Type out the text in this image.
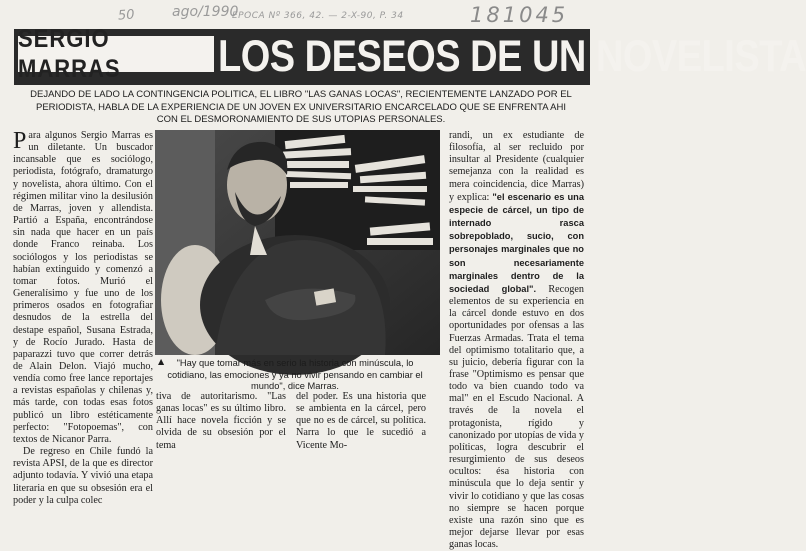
50	ago/1990
EPOCA Nº 366, 42. — 2-X-90, P. 34	181045
SERGIO MARRAS	LOS DESEOS DE UN NOVELISTA
DEJANDO DE LADO LA CONTINGENCIA POLITICA, EL LIBRO "LAS GANAS LOCAS", RECIENTEMENTE LANZADO POR EL PERIODISTA, HABLA DE LA EXPERIENCIA DE UN JOVEN EX UNIVERSITARIO ENCARCELADO QUE SE ENFRENTA AHI CON EL DESMORONAMIENTO DE SUS UTOPIAS PERSONALES.
Para algunos Sergio Marras es un diletante. Un buscador incansable que es sociólogo, periodista, fotógrafo, dramaturgo y novelista, ahora último. Con el régimen militar vino la desilusión de Marras, joven y allendista. Partió a España, encontrándose sin nada que hacer en un país donde Franco reinaba. Los sociólogos y los periodistas se habían extinguido y comenzó a tomar fotos. Murió el Generalísimo y fue uno de los primeros osados en fotografiar desnudos de la estrella del destape español, Susana Estrada, y de Rocío Jurado. Hasta de paparazzi tuvo que correr detrás de Alain Delon. Viajó mucho, vendía como free lance reportajes a revistas españolas y chilenas y, más tarde, con todas esas fotos publicó un libro estéticamente perfecto: "Fotopoemas", con textos de Nicanor Parra.
De regreso en Chile fundó la revista APSI, de la que es director adjunto todavía. Y vivió una etapa literaria en que su obsesión era el poder y la culpa colec
▲	"Hay que tomar más en serio la historia con minúscula, lo cotidiano, las emociones y ya no vivir pensando en cambiar el mundo", dice Marras.
tiva de autoritarismo. "Las ganas locas" es su último libro. Allí hace novela ficción y se olvida de su obsesión por el tema
del poder. Es una historia que se ambienta en la cárcel, pero que no es de cárcel, su política. Narra lo que le sucedió a Vicente Mo-
randi, un ex estudiante de filosofía, al ser recluido por insultar al Presidente (cualquier semejanza con la realidad es mera coincidencia, dice Marras) y explica: "el escenario es una especie de cárcel, un tipo de internado rasca sobrepoblado, sucio, con personajes marginales que no son necesariamente marginales dentro de la sociedad global". Recogen elementos de su experiencia en la cárcel donde estuvo en dos oportunidades por ofensas a las Fuerzas Armadas. Trata el tema del optimismo totalitario que, a su juicio, debería figurar con la frase "Optimismo es pensar que todo va bien cuando todo va mal" en el Escudo Nacional. A través de la novela el protagonista, rígido y canonizado por utopías de vida y políticas, logra descubrir el resurgimiento de sus deseos ocultos: ésa historia con minúscula que lo deja sentir y vivir lo cotidiano y que las cosas no siempre se hacen porque existe una razón sino que es mejor dejarse llevar por esas ganas locas.
